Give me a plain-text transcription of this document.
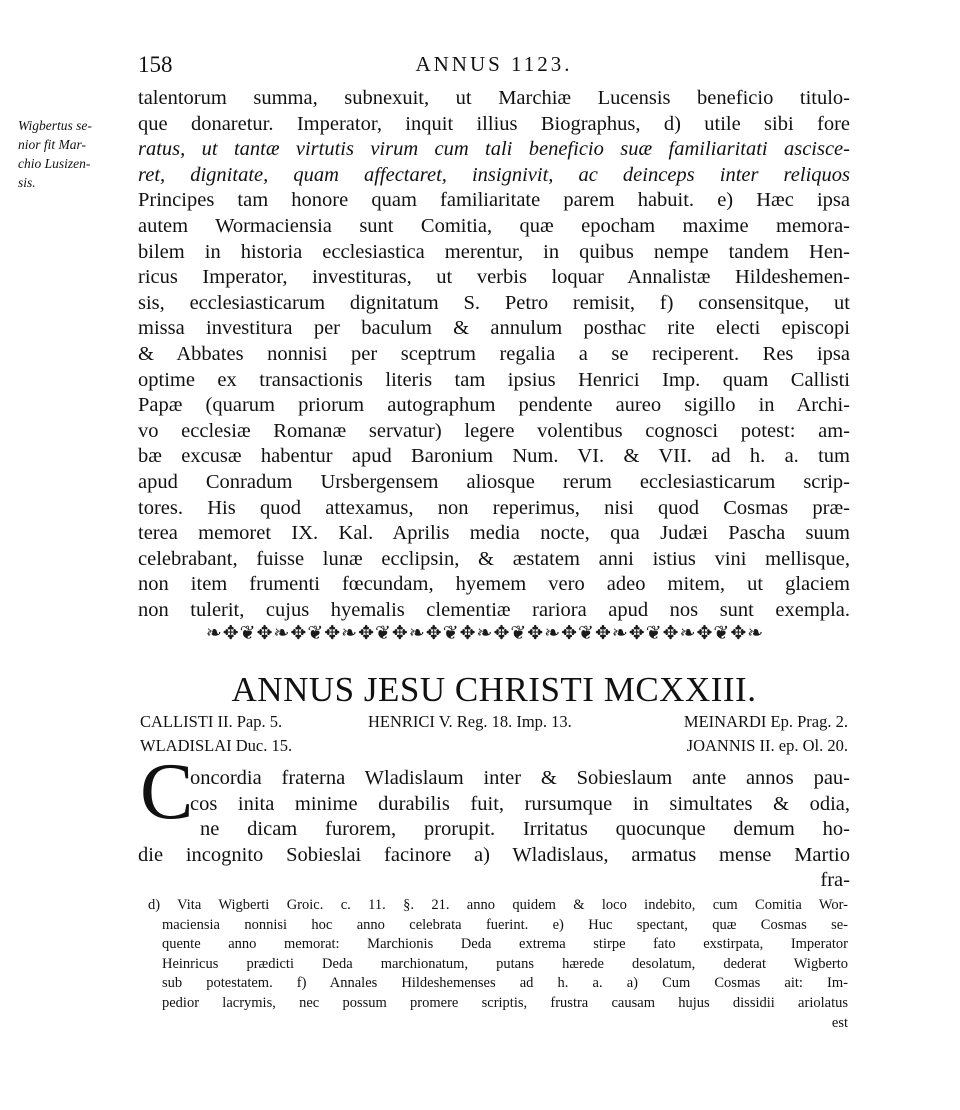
158	ANNUS 1123.
Wigbertus se-
nior fit Mar-
chio Lusizen-
sis.
talentorum summa, subnexuit, ut Marchiæ Lucensis beneficio titulo-
que donaretur. Imperator, inquit illius Biographus, d) utile sibi fore
ratus, ut tantæ virtutis virum cum tali beneficio suæ familiaritati ascisce-
ret, dignitate, quam affectaret, insignivit, ac deinceps inter reliquos
Principes tam honore quam familiaritate parem habuit. e) Hæc ipsa
autem Wormaciensia sunt Comitia, quæ epocham maxime memora-
bilem in historia ecclesiastica merentur, in quibus nempe tandem Hen-
ricus Imperator, investituras, ut verbis loquar Annalistæ Hildeshemen-
sis, ecclesiasticarum dignitatum S. Petro remisit, f) consensitque, ut
missa investitura per baculum & annulum posthac rite electi episcopi
& Abbates nonnisi per sceptrum regalia a se reciperent. Res ipsa
optime ex transactionis literis tam ipsius Henrici Imp. quam Callisti
Papæ (quarum priorum autographum pendente aureo sigillo in Archi-
vo ecclesiæ Romanæ servatur) legere volentibus cognosci potest: am-
bæ excusæ habentur apud Baronium Num. VI. & VII. ad h. a. tum
apud Conradum Ursbergensem aliosque rerum ecclesiasticarum scrip-
tores. His quod attexamus, non reperimus, nisi quod Cosmas præ-
terea memoret IX. Kal. Aprilis media nocte, qua Judæi Pascha suum
celebrabant, fuisse lunæ ecclipsin, & æstatem anni istius vini mellisque,
non item frumenti fœcundam, hyemem vero adeo mitem, ut glaciem
non tulerit, cujus hyemalis clementiæ rariora apud nos sunt exempla.
❧✥❦✥❧✥❦✥❧✥❦✥❧✥❦✥❧✥❦✥❧✥❦✥❧✥❦✥❧✥❦✥❧
ANNUS JESU CHRISTI MCXXIII.
CALLISTI II. Pap. 5.	HENRICI V. Reg. 18. Imp. 13.	MEINARDI Ep. Prag. 2.
WLADISLAI Duc. 15.	JOANNIS II. ep. Ol. 20.
C
oncordia fraterna Wladislaum inter & Sobieslaum ante annos pau-
cos inita minime durabilis fuit, rursumque in simultates & odia,
ne dicam furorem, prorupit. Irritatus quocunque demum ho-
die incognito Sobieslai facinore a) Wladislaus, armatus mense Martio
fra-
d) Vita Wigberti Groic. c. 11. §. 21. anno quidem & loco indebito, cum Comitia Wor-
maciensia nonnisi hoc anno celebrata fuerint. e) Huc spectant, quæ Cosmas se-
quente anno memorat: Marchionis Deda extrema stirpe fato exstirpata, Imperator
Heinricus prædicti Deda marchionatum, putans hærede desolatum, dederat Wigberto
sub potestatem. f) Annales Hildeshemenses ad h. a. a) Cum Cosmas ait: Im-
pedior lacrymis, nec possum promere scriptis, frustra causam hujus dissidii ariolatus
est
